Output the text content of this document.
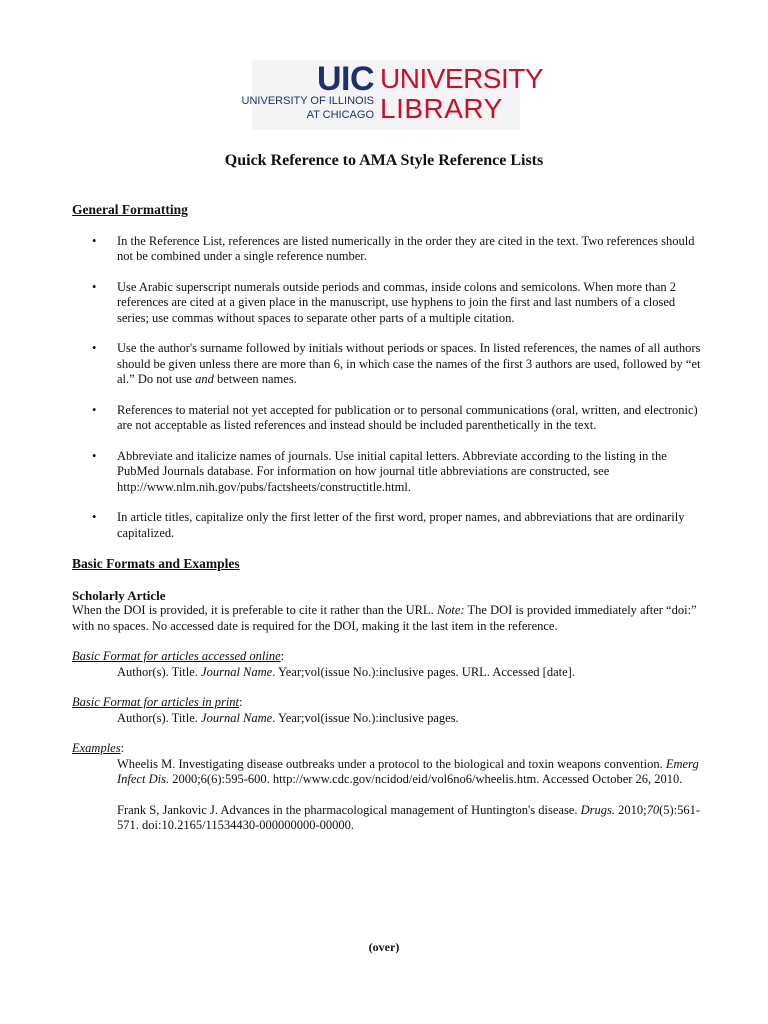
UIC
UNIVERSITY OF ILLINOIS
AT CHICAGO
UNIVERSITY
LIBRARY
Quick Reference to AMA Style Reference Lists
General Formatting
• In the Reference List, references are listed numerically in the order they are cited in the text. Two references should not be combined under a single reference number.
• Use Arabic superscript numerals outside periods and commas, inside colons and semicolons. When more than 2 references are cited at a given place in the manuscript, use hyphens to join the first and last numbers of a closed series; use commas without spaces to separate other parts of a multiple citation.
• Use the author's surname followed by initials without periods or spaces. In listed references, the names of all authors should be given unless there are more than 6, in which case the names of the first 3 authors are used, followed by “et al.” Do not use and between names.
• References to material not yet accepted for publication or to personal communications (oral, written, and electronic) are not acceptable as listed references and instead should be included parenthetically in the text.
• Abbreviate and italicize names of journals. Use initial capital letters. Abbreviate according to the listing in the PubMed Journals database. For information on how journal title abbreviations are constructed, see http://www.nlm.nih.gov/pubs/factsheets/constructitle.html.
• In article titles, capitalize only the first letter of the first word, proper names, and abbreviations that are ordinarily capitalized.
Basic Formats and Examples
Scholarly Article

When the DOI is provided, it is preferable to cite it rather than the URL. Note: The DOI is provided immediately after “doi:” with no spaces. No accessed date is required for the DOI, making it the last item in the reference.

Basic Format for articles accessed online:
Author(s). Title. Journal Name. Year;vol(issue No.):inclusive pages. URL. Accessed [date].
Basic Format for articles in print:
Author(s). Title. Journal Name. Year;vol(issue No.):inclusive pages.
Examples:
Wheelis M. Investigating disease outbreaks under a protocol to the biological and toxin weapons convention. Emerg Infect Dis. 2000;6(6):595-600. http://www.cdc.gov/ncidod/eid/vol6no6/wheelis.htm. Accessed October 26, 2010.
Frank S, Jankovic J. Advances in the pharmacological management of Huntington's disease. Drugs. 2010;70(5):561-571. doi:10.2165/11534430-000000000-00000.
(over)
